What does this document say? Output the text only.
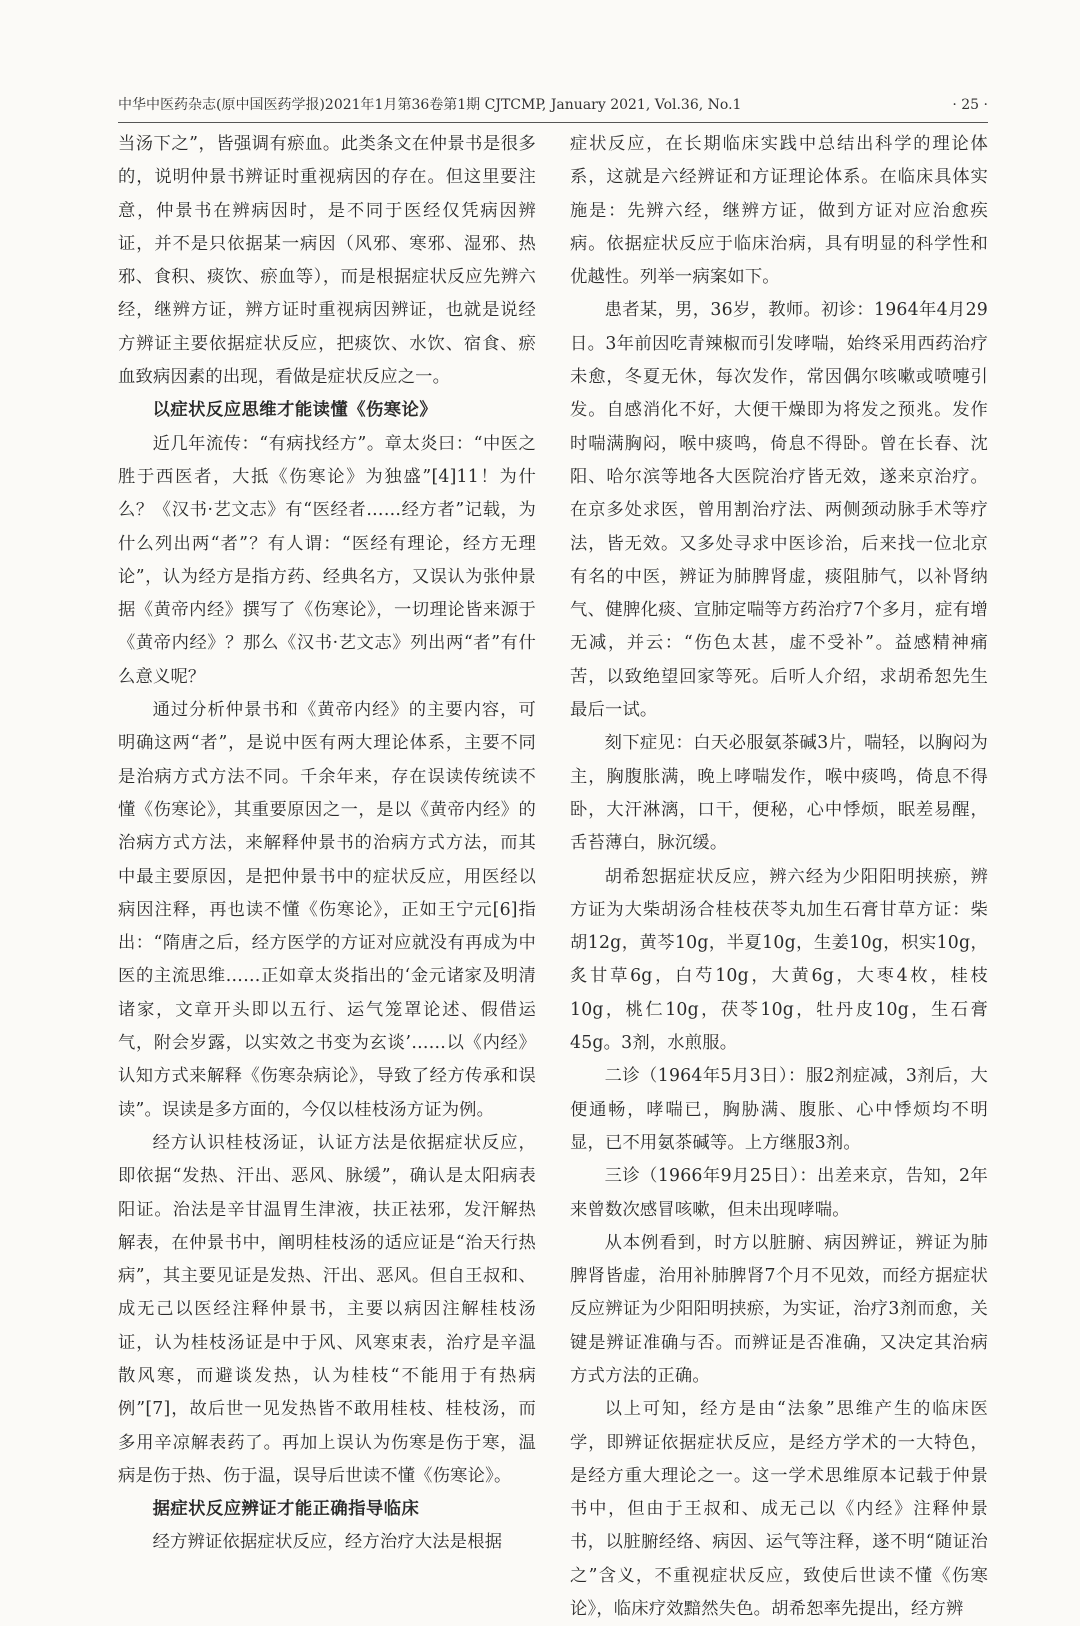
中华中医药杂志(原中国医药学报)2021年1月第36卷第1期 CJTCMP, January 2021, Vol.36, No.1	· 25 ·

当汤下之”，皆强调有瘀血。此类条文在仲景书是很多的，说明仲景书辨证时重视病因的存在。但这里要注意，仲景书在辨病因时，是不同于医经仅凭病因辨证，并不是只依据某一病因（风邪、寒邪、湿邪、热邪、食积、痰饮、瘀血等），而是根据症状反应先辨六经，继辨方证，辨方证时重视病因辨证，也就是说经方辨证主要依据症状反应，把痰饮、水饮、宿食、瘀血致病因素的出现，看做是症状反应之一。

以症状反应思维才能读懂《伤寒论》

近几年流传：“有病找经方”。章太炎曰：“中医之胜于西医者，大抵《伤寒论》为独盛”[4]11！为什么？《汉书·艺文志》有“医经者……经方者”记载，为什么列出两“者”？有人谓：“医经有理论，经方无理论”，认为经方是指方药、经典名方，又误认为张仲景据《黄帝内经》撰写了《伤寒论》，一切理论皆来源于《黄帝内经》？那么《汉书·艺文志》列出两“者”有什么意义呢？

通过分析仲景书和《黄帝内经》的主要内容，可明确这两“者”，是说中医有两大理论体系，主要不同是治病方式方法不同。千余年来，存在误读传统读不懂《伤寒论》，其重要原因之一，是以《黄帝内经》的治病方式方法，来解释仲景书的治病方式方法，而其中最主要原因，是把仲景书中的症状反应，用医经以病因注释，再也读不懂《伤寒论》，正如王宁元[6]指出：“隋唐之后，经方医学的方证对应就没有再成为中医的主流思维……正如章太炎指出的‘金元诸家及明清诸家，文章开头即以五行、运气笼罩论述、假借运气，附会岁露，以实效之书变为玄谈’……以《内经》认知方式来解释《伤寒杂病论》，导致了经方传承和误读”。误读是多方面的，今仅以桂枝汤方证为例。

经方认识桂枝汤证，认证方法是依据症状反应，即依据“发热、汗出、恶风、脉缓”，确认是太阳病表阳证。治法是辛甘温胃生津液，扶正祛邪，发汗解热解表，在仲景书中，阐明桂枝汤的适应证是“治天行热病”，其主要见证是发热、汗出、恶风。但自王叔和、成无己以医经注释仲景书，主要以病因注解桂枝汤证，认为桂枝汤证是中于风、风寒束表，治疗是辛温散风寒，而避谈发热，认为桂枝“不能用于有热病例”[7]，故后世一见发热皆不敢用桂枝、桂枝汤，而多用辛凉解表药了。再加上误认为伤寒是伤于寒，温病是伤于热、伤于温，误导后世读不懂《伤寒论》。

据症状反应辨证才能正确指导临床

经方辨证依据症状反应，经方治疗大法是根据

症状反应，在长期临床实践中总结出科学的理论体系，这就是六经辨证和方证理论体系。在临床具体实施是：先辨六经，继辨方证，做到方证对应治愈疾病。依据症状反应于临床治病，具有明显的科学性和优越性。列举一病案如下。

患者某，男，36岁，教师。初诊：1964年4月29日。3年前因吃青辣椒而引发哮喘，始终采用西药治疗未愈，冬夏无休，每次发作，常因偶尔咳嗽或喷嚏引发。自感消化不好，大便干燥即为将发之预兆。发作时喘满胸闷，喉中痰鸣，倚息不得卧。曾在长春、沈阳、哈尔滨等地各大医院治疗皆无效，遂来京治疗。在京多处求医，曾用割治疗法、两侧颈动脉手术等疗法，皆无效。又多处寻求中医诊治，后来找一位北京有名的中医，辨证为肺脾肾虚，痰阻肺气，以补肾纳气、健脾化痰、宣肺定喘等方药治疗7个多月，症有增无减，并云：“伤色太甚，虚不受补”。益感精神痛苦，以致绝望回家等死。后听人介绍，求胡希恕先生最后一试。

刻下症见：白天必服氨茶碱3片，喘轻，以胸闷为主，胸腹胀满，晚上哮喘发作，喉中痰鸣，倚息不得卧，大汗淋漓，口干，便秘，心中悸烦，眠差易醒，舌苔薄白，脉沉缓。

胡希恕据症状反应，辨六经为少阳阳明挟瘀，辨方证为大柴胡汤合桂枝茯苓丸加生石膏甘草方证：柴胡12g，黄芩10g，半夏10g，生姜10g，枳实10g，炙甘草6g，白芍10g，大黄6g，大枣4枚，桂枝10g，桃仁10g，茯苓10g，牡丹皮10g，生石膏45g。3剂，水煎服。

二诊（1964年5月3日）：服2剂症减，3剂后，大便通畅，哮喘已，胸胁满、腹胀、心中悸烦均不明显，已不用氨茶碱等。上方继服3剂。

三诊（1966年9月25日）：出差来京，告知，2年来曾数次感冒咳嗽，但未出现哮喘。

从本例看到，时方以脏腑、病因辨证，辨证为肺脾肾皆虚，治用补肺脾肾7个月不见效，而经方据症状反应辨证为少阳阳明挟瘀，为实证，治疗3剂而愈，关键是辨证准确与否。而辨证是否准确，又决定其治病方式方法的正确。

以上可知，经方是由“法象”思维产生的临床医学，即辨证依据症状反应，是经方学术的一大特色，是经方重大理论之一。这一学术思维原本记载于仲景书中，但由于王叔和、成无己以《内经》注释仲景书，以脏腑经络、病因、运气等注释，遂不明“随证治之”含义，不重视症状反应，致使后世读不懂《伤寒论》，临床疗效黯然失色。胡希恕率先提出，经方辨
